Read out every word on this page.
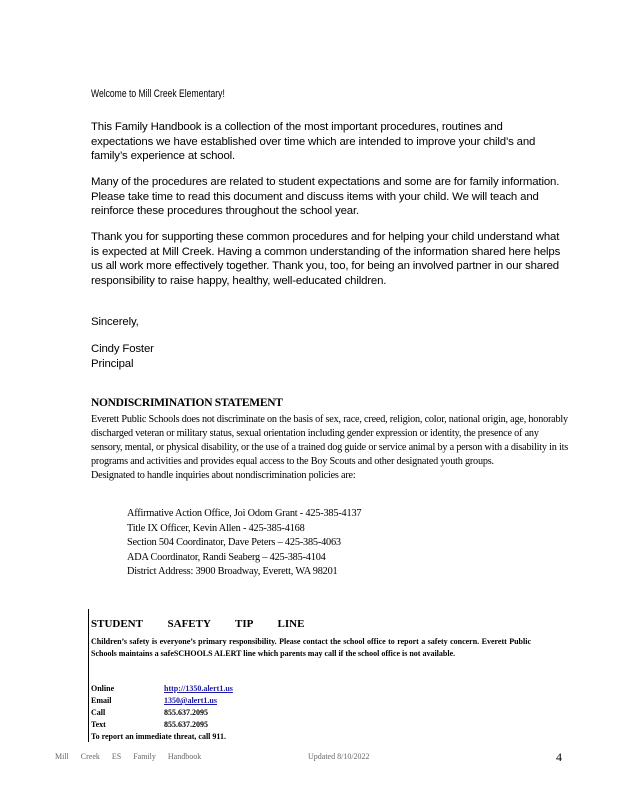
Welcome to Mill Creek Elementary!

This Family Handbook is a collection of the most important procedures, routines and expectations we have established over time which are intended to improve your child’s and family’s experience at school.

Many of the procedures are related to student expectations and some are for family information. Please take time to read this document and discuss items with your child. We will teach and reinforce these procedures throughout the school year.

Thank you for supporting these common procedures and for helping your child understand what is expected at Mill Creek. Having a common understanding of the information shared here helps us all work more effectively together. Thank you, too, for being an involved partner in our shared responsibility to raise happy, healthy, well-educated children.

Sincerely,

Cindy Foster

Principal

NONDISCRIMINATION STATEMENT

Everett Public Schools does not discriminate on the basis of sex, race, creed, religion, color, national origin, age, honorably discharged veteran or military status, sexual orientation including gender expression or identity, the presence of any sensory, mental, or physical disability, or the use of a trained dog guide or service animal by a person with a disability in its programs and activities and provides equal access to the Boy Scouts and other designated youth groups.
Designated to handle inquiries about nondiscrimination policies are:

Affirmative Action Office, Joi Odom Grant - 425-385-4137
Title IX Officer, Kevin Allen - 425-385-4168
Section 504 Coordinator, Dave Peters – 425-385-4063
ADA Coordinator, Randi Seaberg – 425-385-4104
District Address: 3900 Broadway, Everett, WA 98201
STUDENT SAFETY TIP LINE

Children’s safety is everyone’s primary responsibility. Please contact the school office to report a safety concern. Everett Public Schools maintains a safeSCHOOLS ALERT line which parents may call if the school office is not available.

Online	http://1350.alert1.us
Email	1350@alert1.us
Call	855.637.2095
Text	855.637.2095
To report an immediate threat, call 911.
Mill Creek ES Family Handbook	Updated 8/10/2022	4
